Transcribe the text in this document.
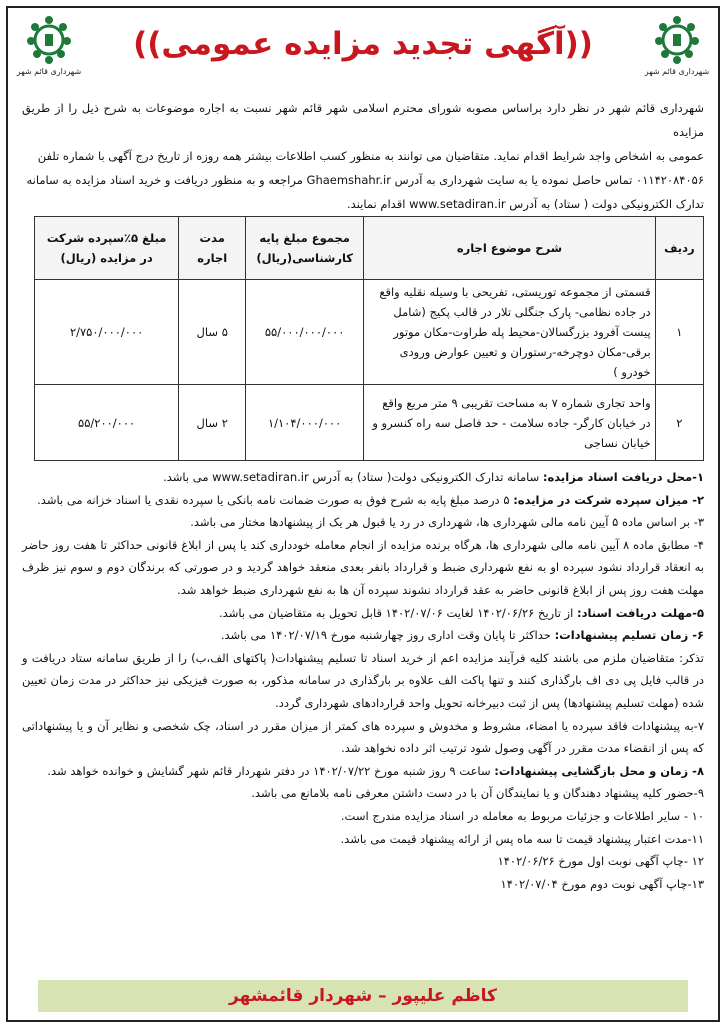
شهرداری قائم شهر
((آگهی تجدید مزایده عمومی))
شهرداری قائم شهر
شهرداری قائم شهر در نظر دارد براساس مصوبه شورای محترم اسلامی شهر قائم شهر نسبت به اجاره موضوعات به شرح ذیل را از طریق مزایده
عمومی به اشخاص واجد شرایط اقدام نماید. متقاضیان می توانند به منظور کسب اطلاعات بیشتر همه روزه از تاریخ درج آگهی با شماره تلفن
۰۱۱۴۲۰۸۴۰۵۶ تماس حاصل نموده یا به سایت شهرداری به آدرس Ghaemshahr.ir مراجعه و به منظور دریافت و خرید اسناد مزایده به سامانه
تدارک الکترونیکی دولت ( ستاد) به آدرس www.setadiran.ir اقدام نمایند.
ردیف	شرح موضوع اجاره	مجموع مبلغ پایه کارشناسی(ریال)	مدت اجاره	مبلغ ۵٪سپرده شرکت در مزایده (ریال)
۱	قسمتی از مجموعه توریستی، تفریحی با وسیله نقلیه واقع در جاده نظامی- پارک جنگلی تلار در قالب پکیج (شامل پیست آفرود بزرگسالان-محیط پله طراوت-مکان موتور برقی-مکان دوچرخه-رستوران و تعیین عوارض ورودی خودرو )	۵۵/۰۰۰/۰۰۰/۰۰۰	۵ سال	۲/۷۵۰/۰۰۰/۰۰۰
۲	واحد تجاری شماره ۷ به مساحت تقریبی ۹ متر مربع واقع در خیابان کارگر- جاده سلامت - حد فاصل سه راه کنسرو و خیابان نساجی	۱/۱۰۴/۰۰۰/۰۰۰	۲ سال	۵۵/۲۰۰/۰۰۰

۱-محل دریافت اسناد مزایده: سامانه تدارک الکترونیکی دولت( ستاد) به آدرس www.setadiran.ir می باشد.

۲- میزان سپرده شرکت در مزایده: ۵ درصد مبلغ پایه به شرح فوق به صورت ضمانت نامه بانکی یا سپرده نقدی یا اسناد خزانه می باشد.

۳- بر اساس ماده ۵ آیین نامه مالی شهرداری ها، شهرداری در رد یا قبول هر یک از پیشنهادها مختار می باشد.

۴- مطابق ماده ۸ آیین نامه مالی شهرداری ها، هرگاه برنده مزایده از انجام معامله خودداری کند یا پس از ابلاغ قانونی حداکثر تا هفت روز حاضر به انعقاد قرارداد نشود سپرده او به نفع شهرداری ضبط و قرارداد بانفر بعدی منعقد خواهد گردید و در صورتی که برندگان دوم و سوم نیز ظرف مهلت هفت روز پس از ابلاغ قانونی حاضر به عقد قرارداد نشوند سپرده آن ها به نفع شهرداری ضبط خواهد شد.

۵-مهلت دریافت اسناد: از تاریخ ۱۴۰۲/۰۶/۲۶ لغایت ۱۴۰۲/۰۷/۰۶ قابل تحویل به متقاضیان می باشد.

۶- زمان تسلیم پیشنهادات: حداکثر تا پایان وقت اداری روز چهارشنبه مورخ ۱۴۰۲/۰۷/۱۹ می باشد.

تذکر: متقاضیان ملزم می باشند کلیه فرآیند مزایده اعم از خرید اسناد تا تسلیم پیشنهادات( پاکتهای الف،ب) را از طریق سامانه ستاد دریافت و در قالب فایل پی دی اف بارگذاری کنند و تنها پاکت الف علاوه بر بارگذاری در سامانه مذکور، به صورت فیزیکی نیز حداکثر در مدت زمان تعیین شده (مهلت تسلیم پیشنهادها) پس از ثبت دبیرخانه تحویل واحد قراردادهای شهرداری گردد.

۷-به پیشنهادات فاقد سپرده یا امضاء، مشروط و مخدوش و سپرده های کمتر از میزان مقرر در اسناد، چک شخصی و نظایر آن و یا پیشنهاداتی که پس از انقضاء مدت مقرر در آگهی وصول شود ترتیب اثر داده نخواهد شد.

۸- زمان و محل بازگشایی پیشنهادات: ساعت ۹ روز شنبه مورخ ۱۴۰۲/۰۷/۲۲ در دفتر شهردار قائم شهر گشایش و خوانده خواهد شد.

۹-حضور کلیه پیشنهاد دهندگان و یا نمایندگان آن با در دست داشتن معرفی نامه بلامانع می باشد.

۱۰ - سایر اطلاعات و جزئیات مربوط به معامله در اسناد مزایده مندرج است.

۱۱-مدت اعتبار پیشنهاد قیمت تا سه ماه پس از ارائه پیشنهاد قیمت می باشد.

۱۲ -چاپ آگهی نوبت اول مورخ ۱۴۰۲/۰۶/۲۶

۱۳-چاپ آگهی نوبت دوم مورخ ۱۴۰۲/۰۷/۰۴

کاظم علیپور – شهردار قائمشهر
